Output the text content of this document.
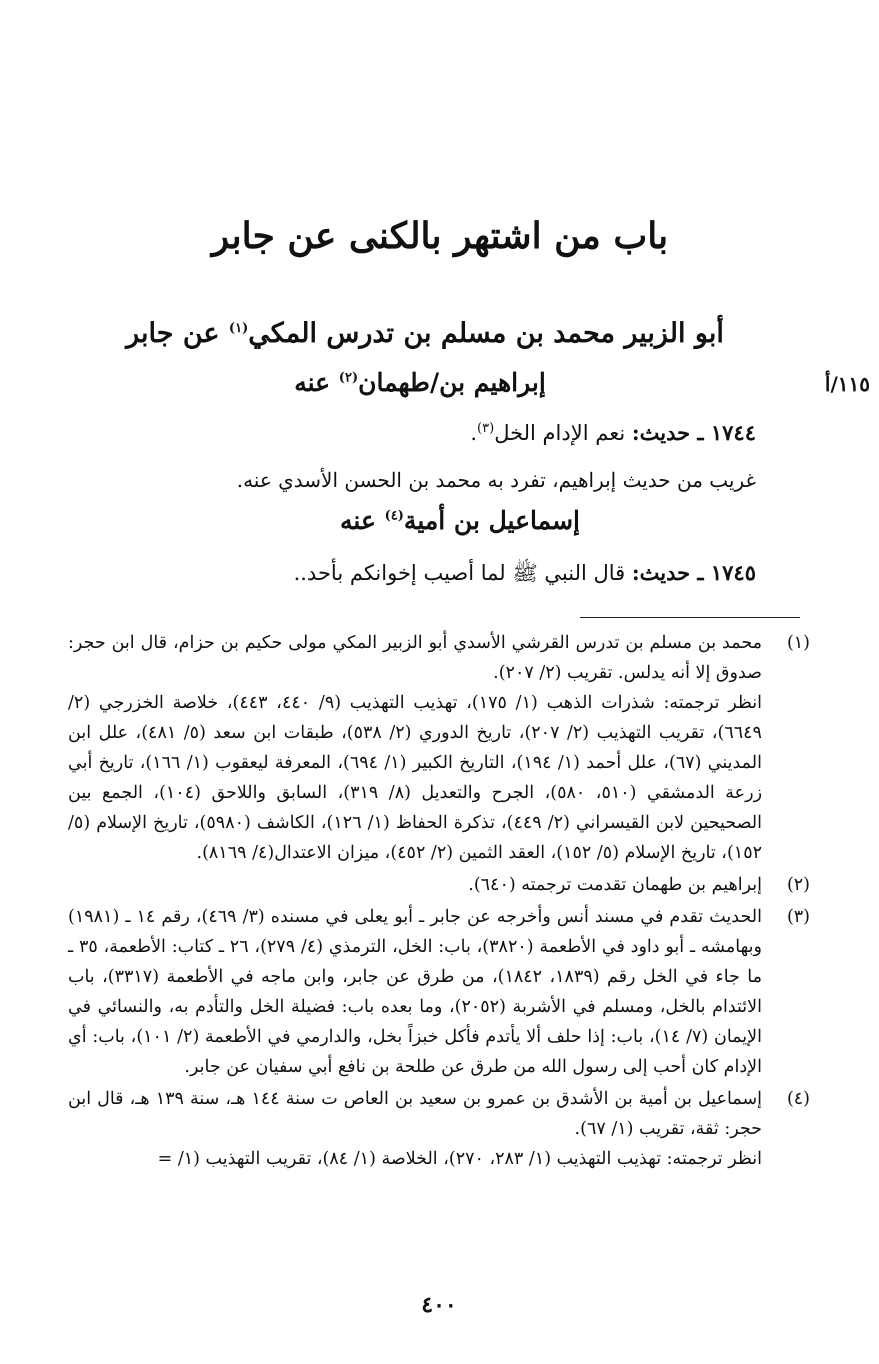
باب من اشتهر بالكنى عن جابر
أبو الزبير محمد بن مسلم بن تدرس المكي$^{(١)}$ عن جابر
إبراهيم بن/طهمان$^{(٢)}$ عنه	١١٥/أ
١٧٤٤ ـ حديث: نعم الإدام الخل$^{(٣)}$.
غريب من حديث إبراهيم، تفرد به محمد بن الحسن الأسدي عنه.
إسماعيل بن أمية$^{(٤)}$ عنه
١٧٤٥ ـ حديث: قال النبي ﷺ لما أصيب إخوانكم بأحد..
(١)

محمد بن مسلم بن تدرس القرشي الأسدي أبو الزبير المكي مولى حكيم بن حزام، قال ابن حجر: صدوق إلا أنه يدلس. تقريب (٢/ ٢٠٧).

انظر ترجمته: شذرات الذهب (١/ ١٧٥)، تهذيب التهذيب (٩/ ٤٤٠، ٤٤٣)، خلاصة الخزرجي (٢/ ٦٦٤٩)، تقريب التهذيب (٢/ ٢٠٧)، تاريخ الدوري (٢/ ٥٣٨)، طبقات ابن سعد (٥/ ٤٨١)، علل ابن المديني (٦٧)، علل أحمد (١/ ١٩٤)، التاريخ الكبير (١/ ٦٩٤)، المعرفة ليعقوب (١/ ١٦٦)، تاريخ أبي زرعة الدمشقي (٥١٠، ٥٨٠)، الجرح والتعديل (٨/ ٣١٩)، السابق واللاحق (١٠٤)، الجمع بين الصحيحين لابن القيسراني (٢/ ٤٤٩)، تذكرة الحفاظ (١/ ١٢٦)، الكاشف (٥٩٨٠)، تاريخ الإسلام (٥/ ١٥٢)، تاريخ الإسلام (٥/ ١٥٢)، العقد الثمين (٢/ ٤٥٢)، ميزان الاعتدال(٤/ ٨١٦٩).

(٢)

إبراهيم بن طهمان تقدمت ترجمته (٦٤٠).

(٣)

الحديث تقدم في مسند أنس وأخرجه عن جابر ـ أبو يعلى في مسنده (٣/ ٤٦٩)، رقم ١٤ ـ (١٩٨١) وبهامشه ـ أبو داود في الأطعمة (٣٨٢٠)، باب: الخل، الترمذي (٤/ ٢٧٩)، ٢٦ ـ كتاب: الأطعمة، ٣٥ ـ ما جاء في الخل رقم (١٨٣٩، ١٨٤٢)، من طرق عن جابر، وابن ماجه في الأطعمة (٣٣١٧)، باب الائتدام بالخل، ومسلم في الأشربة (٢٠٥٢)، وما بعده باب: فضيلة الخل والتأدم به، والنسائي في الإيمان (٧/ ١٤)، باب: إذا حلف ألا يأتدم فأكل خبزاً بخل، والدارمي في الأطعمة (٢/ ١٠١)، باب: أي الإدام كان أحب إلى رسول الله من طرق عن طلحة بن نافع أبي سفيان عن جابر.

(٤)

إسماعيل بن أمية بن الأشدق بن عمرو بن سعيد بن العاص ت سنة ١٤٤ هـ، سنة ١٣٩ هـ، قال ابن حجر: ثقة، تقريب (١/ ٦٧).

انظر ترجمته: تهذيب التهذيب (١/ ٢٨٣، ٢٧٠)، الخلاصة (١/ ٨٤)، تقريب التهذيب (١/ =

٤٠٠
